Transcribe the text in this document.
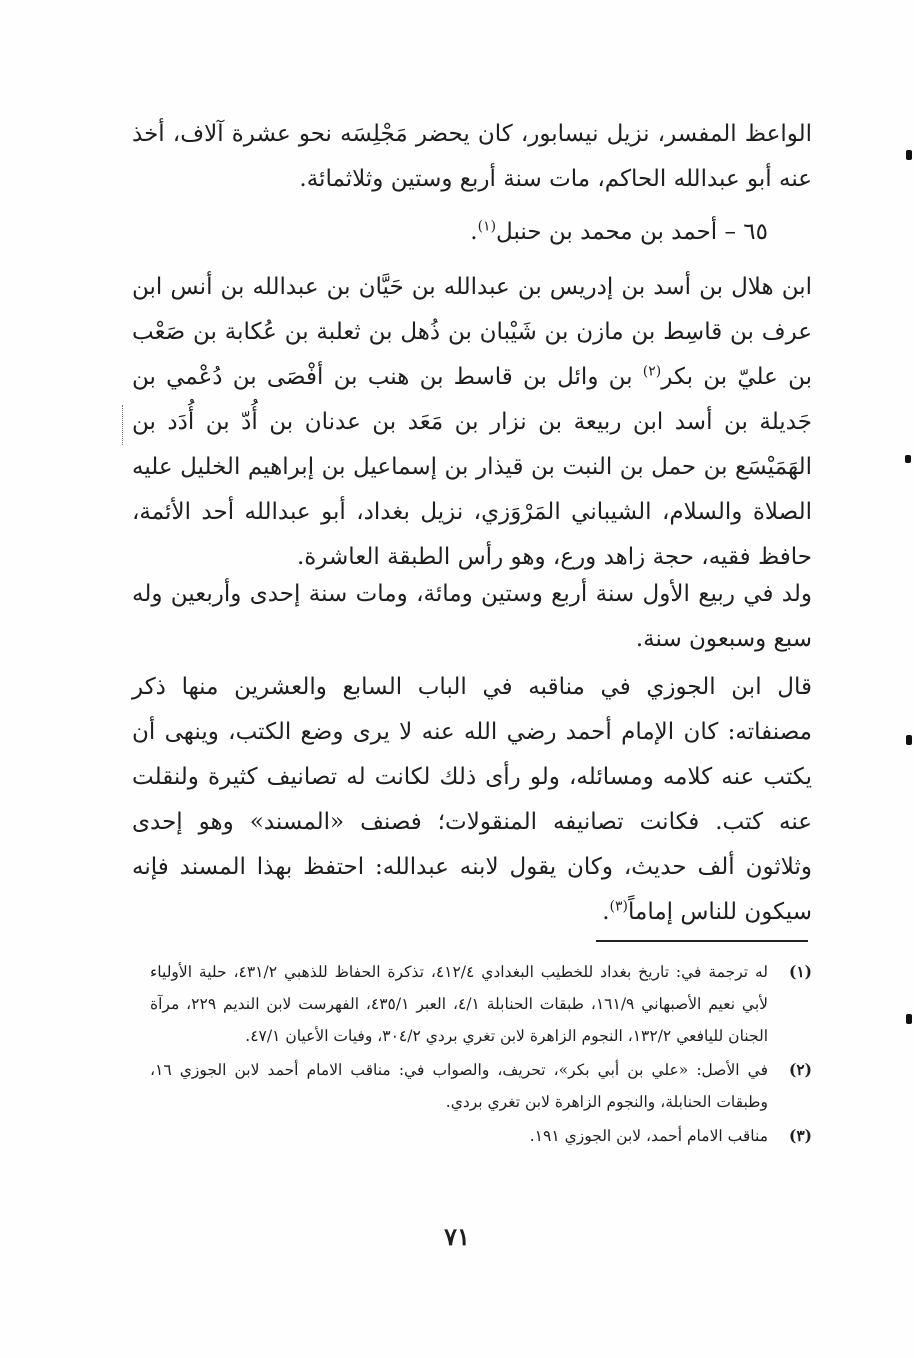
الواعظ المفسر، نزيل نيسابور، كان يحضر مَجْلِسَه نحو عشرة آلاف، أخذ عنه أبو عبدالله الحاكم، مات سنة أربع وستين وثلاثمائة.

٦٥ – أحمد بن محمد بن حنبل$^{(١)}$.

ابن هلال بن أسد بن إدريس بن عبدالله بن حَيَّان بن عبدالله بن أنس ابن عرف بن قاسِط بن مازن بن شَيْبان بن ذُهل بن ثعلبة بن عُكابة بن صَعْب بن عليّ بن بكر$^{(٢)}$ بن وائل بن قاسط بن هنب بن أفْصَى بن دُعْمي بن جَديلة بن أسد ابن ربيعة بن نزار بن مَعَد بن عدنان بن أُدّ بن أُدَد بن الهَمَيْسَع بن حمل بن النبت بن قيذار بن إسماعيل بن إبراهيم الخليل عليه الصلاة والسلام، الشيباني المَرْوَزي، نزيل بغداد، أبو عبدالله أحد الأئمة، حافظ فقيه، حجة زاهد ورع، وهو رأس الطبقة العاشرة.

ولد في ربيع الأول سنة أربع وستين ومائة، ومات سنة إحدى وأربعين وله سبع وسبعون سنة.

قال ابن الجوزي في مناقبه في الباب السابع والعشرين منها ذكر مصنفاته: كان الإمام أحمد رضي الله عنه لا يرى وضع الكتب، وينهى أن يكتب عنه كلامه ومسائله، ولو رأى ذلك لكانت له تصانيف كثيرة ولنقلت عنه كتب. فكانت تصانيفه المنقولات؛ فصنف «المسند» وهو إحدى وثلاثون ألف حديث، وكان يقول لابنه عبدالله: احتفظ بهذا المسند فإنه سيكون للناس إماماً$^{(٣)}$.

(١)
له ترجمة في: تاريخ بغداد للخطيب البغدادي ٤١٢/٤، تذكرة الحفاظ للذهبي ٤٣١/٢، حلية الأولياء لأبي نعيم الأصبهاني ١٦١/٩، طبقات الحنابلة ٤/١، العبر ٤٣٥/١، الفهرست لابن النديم ٢٢٩، مرآة الجنان لليافعي ١٣٢/٢، النجوم الزاهرة لابن تغري بردي ٣٠٤/٢، وفيات الأعيان ٤٧/١.
(٢)
في الأصل: «علي بن أبي بكر»، تحريف، والصواب في: مناقب الامام أحمد لابن الجوزي ١٦، وطبقات الحنابلة، والنجوم الزاهرة لابن تغري بردي.
(٣)
مناقب الامام أحمد، لابن الجوزي ١٩١.
٧١
